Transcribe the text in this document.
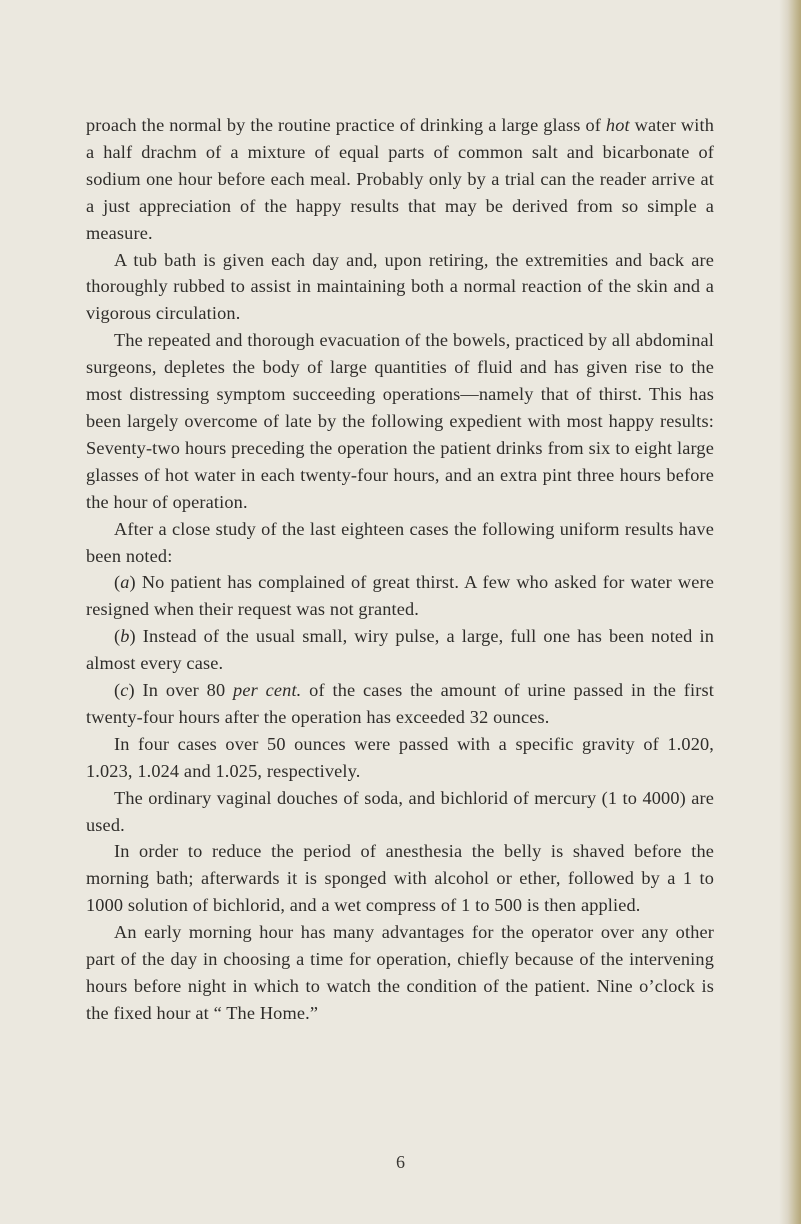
proach the normal by the routine practice of drinking a large glass of hot water with a half drachm of a mixture of equal parts of common salt and bicarbonate of sodium one hour before each meal. Probably only by a trial can the reader arrive at a just appreciation of the happy results that may be derived from so simple a measure.

A tub bath is given each day and, upon retiring, the extremities and back are thoroughly rubbed to assist in maintaining both a normal reaction of the skin and a vigorous circulation.

The repeated and thorough evacuation of the bowels, practiced by all abdominal surgeons, depletes the body of large quantities of fluid and has given rise to the most distressing symptom succeeding operations—namely that of thirst. This has been largely overcome of late by the following expedient with most happy results: Seventy-two hours preceding the operation the patient drinks from six to eight large glasses of hot water in each twenty-four hours, and an extra pint three hours before the hour of operation.

After a close study of the last eighteen cases the following uniform results have been noted:

(a) No patient has complained of great thirst. A few who asked for water were resigned when their request was not granted.

(b) Instead of the usual small, wiry pulse, a large, full one has been noted in almost every case.

(c) In over 80 per cent. of the cases the amount of urine passed in the first twenty-four hours after the operation has exceeded 32 ounces.

In four cases over 50 ounces were passed with a specific gravity of 1.020, 1.023, 1.024 and 1.025, respectively.

The ordinary vaginal douches of soda, and bichlorid of mercury (1 to 4000) are used.

In order to reduce the period of anesthesia the belly is shaved before the morning bath; afterwards it is sponged with alcohol or ether, followed by a 1 to 1000 solution of bichlorid, and a wet compress of 1 to 500 is then applied.

An early morning hour has many advantages for the operator over any other part of the day in choosing a time for operation, chiefly because of the intervening hours before night in which to watch the condition of the patient. Nine o’clock is the fixed hour at “ The Home.”

6
